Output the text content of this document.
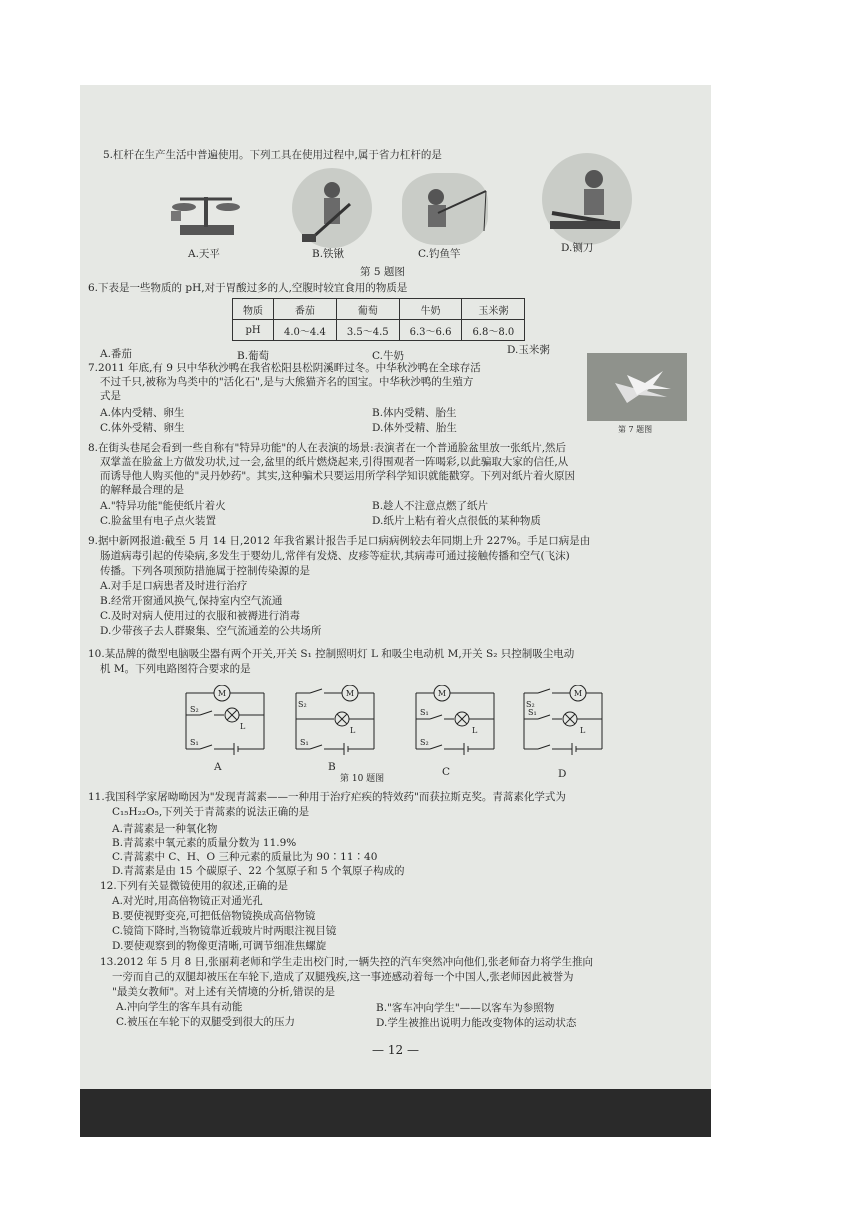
5.杠杆在生产生活中普遍使用。下列工具在使用过程中,属于省力杠杆的是
A.天平	B.铁锹	C.钓鱼竿	D.铡刀
第 5 题图
6.下表是一些物质的 pH,对于胃酸过多的人,空腹时较宜食用的物质是
物质	番茄	葡萄	牛奶	玉米粥
pH	4.0～4.4	3.5～4.5	6.3～6.6	6.8～8.0
A.番茄	B.葡萄	C.牛奶	D.玉米粥
7.2011 年底,有 9 只中华秋沙鸭在我省松阳县松阴溪畔过冬。中华秋沙鸭在全球存活
不过千只,被称为鸟类中的"活化石",是与大熊猫齐名的国宝。中华秋沙鸭的生殖方
式是
第 7 题图
A.体内受精、卵生	B.体内受精、胎生
C.体外受精、卵生	D.体外受精、胎生
8.在街头巷尾会看到一些自称有"特异功能"的人在表演的场景:表演者在一个普通脸盆里放一张纸片,然后
双掌盖在脸盆上方做发功状,过一会,盆里的纸片燃烧起来,引得围观者一阵喝彩,以此骗取大家的信任,从
而诱导他人购买他的"灵丹妙药"。其实,这种骗术只要运用所学科学知识就能戳穿。下列对纸片着火原因
的解释最合理的是
A."特异功能"能使纸片着火	B.趁人不注意点燃了纸片
C.脸盆里有电子点火装置	D.纸片上粘有着火点很低的某种物质
9.据中新网报道:截至 5 月 14 日,2012 年我省累计报告手足口病病例较去年同期上升 227%。手足口病是由
肠道病毒引起的传染病,多发生于婴幼儿,常伴有发烧、皮疹等症状,其病毒可通过接触传播和空气(飞沫)
传播。下列各项预防措施属于控制传染源的是
A.对手足口病患者及时进行治疗
B.经常开窗通风换气,保持室内空气流通
C.及时对病人使用过的衣服和被褥进行消毒
D.少带孩子去人群聚集、空气流通差的公共场所
10.某品牌的微型电脑吸尘器有两个开关,开关 S₁ 控制照明灯 L 和吸尘电动机 M,开关 S₂ 只控制吸尘电动
机 M。下列电路图符合要求的是
M
L
S₂
S₁
M
L
S₂
S₁
M
L
S₁
S₂
M
L
S₂
S₁
A	B	C	D
第 10 题图
11.我国科学家屠呦呦因为"发现青蒿素——一种用于治疗疟疾的特效药"而获拉斯克奖。青蒿素化学式为
C₁₅H₂₂O₅,下列关于青蒿素的说法正确的是
A.青蒿素是一种氧化物
B.青蒿素中氧元素的质量分数为 11.9%
C.青蒿素中 C、H、O 三种元素的质量比为 90∶11∶40
D.青蒿素是由 15 个碳原子、22 个氢原子和 5 个氧原子构成的
12.下列有关显微镜使用的叙述,正确的是
A.对光时,用高倍物镜正对通光孔
B.要使视野变亮,可把低倍物镜换成高倍物镜
C.镜筒下降时,当物镜靠近载玻片时两眼注视目镜
D.要使观察到的物像更清晰,可调节细准焦螺旋
13.2012 年 5 月 8 日,张丽莉老师和学生走出校门时,一辆失控的汽车突然冲向他们,张老师奋力将学生推向
一旁而自己的双腿却被压在车轮下,造成了双腿残疾,这一事迹感动着每一个中国人,张老师因此被誉为
"最美女教师"。对上述有关情境的分析,错误的是
A.冲向学生的客车具有动能	B."客车冲向学生"——以客车为参照物
C.被压在车轮下的双腿受到很大的压力	D.学生被推出说明力能改变物体的运动状态
— 12 —
